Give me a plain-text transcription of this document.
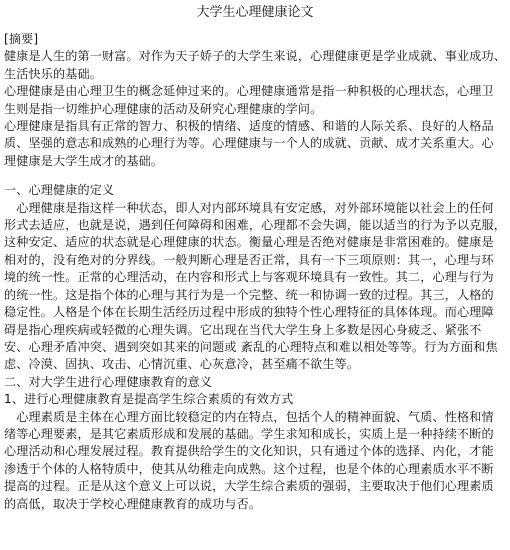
大学生心理健康论文
[摘要]
健康是人生的第一财富。对作为天子娇子的大学生来说，心理健康更是学业成就、事业成功、
生活快乐的基础。
心理健康是由心理卫生的概念延伸过来的。心理健康通常是指一种积极的心理状态，心理卫
生则是指一切维护心理健康的活动及研究心理健康的学问。
心理健康是指具有正常的智力、积极的情绪、适度的情感、和谐的人际关系、良好的人格品
质、坚强的意志和成熟的心理行为等。心理健康与一个人的成就、贡献、成才关系重大。心
理健康是大学生成才的基础。
一、心理健康的定义
　心理健康是指这样一种状态，即人对内部环境具有安定感，对外部环境能以社会上的任何
形式去适应，也就是说，遇到任何障碍和困难，心理都不会失调，能以适当的行为予以克服，
这种安定、适应的状态就是心理健康的状态。衡量心理是否绝对健康是非常困难的。健康是
相对的，没有绝对的分界线。一般判断心理是否正常，具有一下三项原则：其一，心理与环
境的统一性。正常的心理活动，在内容和形式上与客观环境具有一致性。其二，心理与行为
的统一性。这是指个体的心理与其行为是一个完整、统一和协调一致的过程。其三，人格的
稳定性。人格是个体在长期生活经历过程中形成的独特个性心理特征的具体体现。而心理障
碍是指心理疾病或轻微的心理失调。它出现在当代大学生身上多数是因心身疲乏、紧张不
安、心理矛盾冲突、遇到突如其来的问题或 紊乱的心理特点和难以相处等等。行为方面和焦
虑、冷漠、固执、攻击、心情沉重、心灰意冷，甚至痛不欲生等。
二、对大学生进行心理健康教育的意义
1、进行心理健康教育是提高学生综合素质的有效方式
　心理素质是主体在心理方面比较稳定的内在特点，包括个人的精神面貌、气质、性格和情
绪等心理要素，是其它素质形成和发展的基础。学生求知和成长，实质上是一种持续不断的
心理活动和心理发展过程。教育提供给学生的文化知识，只有通过个体的选择、内化，才能
渗透于个体的人格特质中，使其从幼稚走向成熟。这个过程，也是个体的心理素质水平不断
提高的过程。正是从这个意义上可以说，大学生综合素质的强弱，主要取决于他们心理素质
的高低，取决于学校心理健康教育的成功与否。
